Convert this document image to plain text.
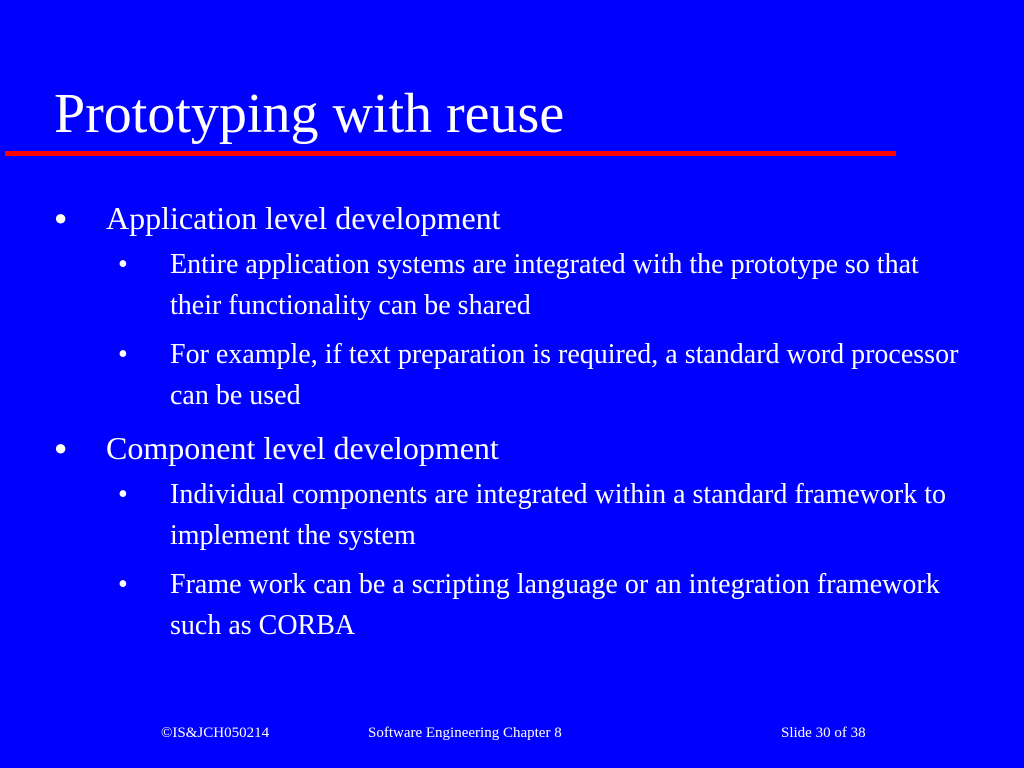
Prototyping with reuse
● Application level development
• Entire application systems are integrated with the prototype so that their functionality can be shared
• For example, if text preparation is required, a standard word processor can be used
● Component level development
• Individual components are integrated within a standard framework to implement the system
• Frame work can be a scripting language or an integration framework such as CORBA
©IS&JCH050214	Software Engineering Chapter 8	Slide 30 of 38
